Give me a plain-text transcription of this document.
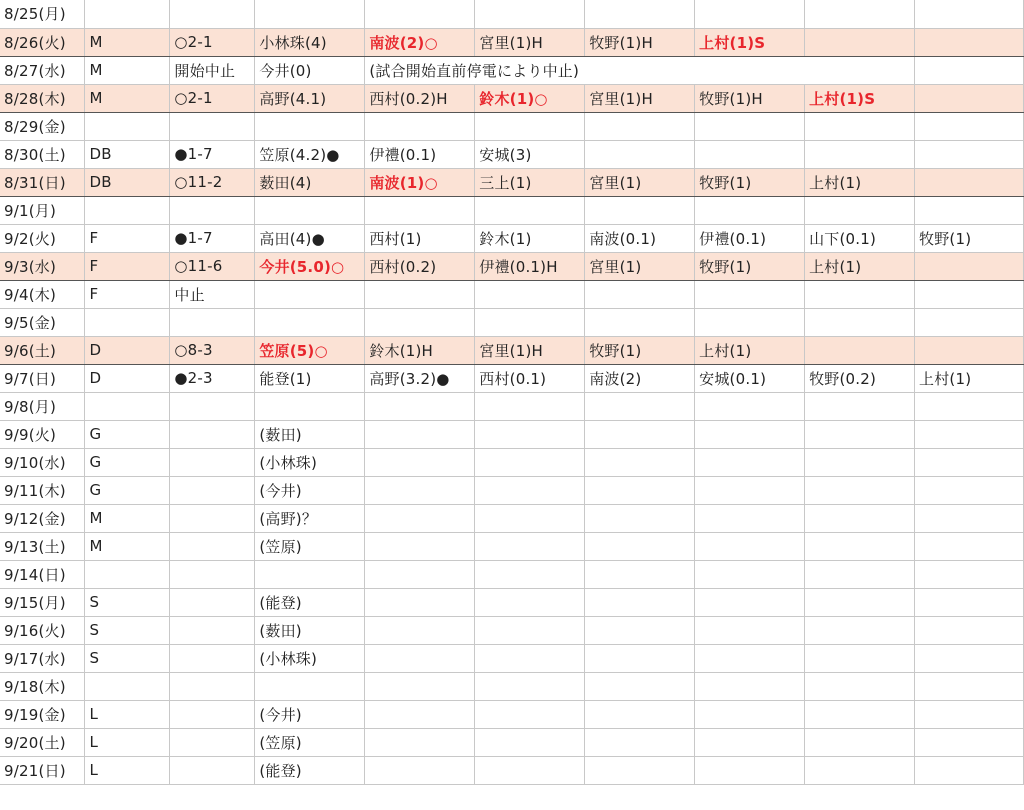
8/25(月)									
8/26(火)	M	○2-1	小林珠(4)	南波(2)○	宮里(1)H	牧野(1)H	上村(1)S		
8/27(水)	M	開始中止	今井(0)	(試合開始直前停電により中止)					
8/28(木)	M	○2-1	高野(4.1)	西村(0.2)H	鈴木(1)○	宮里(1)H	牧野(1)H	上村(1)S	
8/29(金)									
8/30(土)	DB	●1-7	笠原(4.2)●	伊禮(0.1)	安城(3)				
8/31(日)	DB	○11-2	薮田(4)	南波(1)○	三上(1)	宮里(1)	牧野(1)	上村(1)	
9/1(月)									
9/2(火)	F	●1-7	高田(4)●	西村(1)	鈴木(1)	南波(0.1)	伊禮(0.1)	山下(0.1)	牧野(1)
9/3(水)	F	○11-6	今井(5.0)○	西村(0.2)	伊禮(0.1)H	宮里(1)	牧野(1)	上村(1)	
9/4(木)	F	中止							
9/5(金)									
9/6(土)	D	○8-3	笠原(5)○	鈴木(1)H	宮里(1)H	牧野(1)	上村(1)		
9/7(日)	D	●2-3	能登(1)	高野(3.2)●	西村(0.1)	南波(2)	安城(0.1)	牧野(0.2)	上村(1)
9/8(月)									
9/9(火)	G		(薮田)						
9/10(水)	G		(小林珠)						
9/11(木)	G		(今井)						
9/12(金)	M		(高野)？						
9/13(土)	M		(笠原)						
9/14(日)									
9/15(月)	S		(能登)						
9/16(火)	S		(薮田)						
9/17(水)	S		(小林珠)						
9/18(木)									
9/19(金)	L		(今井)						
9/20(土)	L		(笠原)						
9/21(日)	L		(能登)						
